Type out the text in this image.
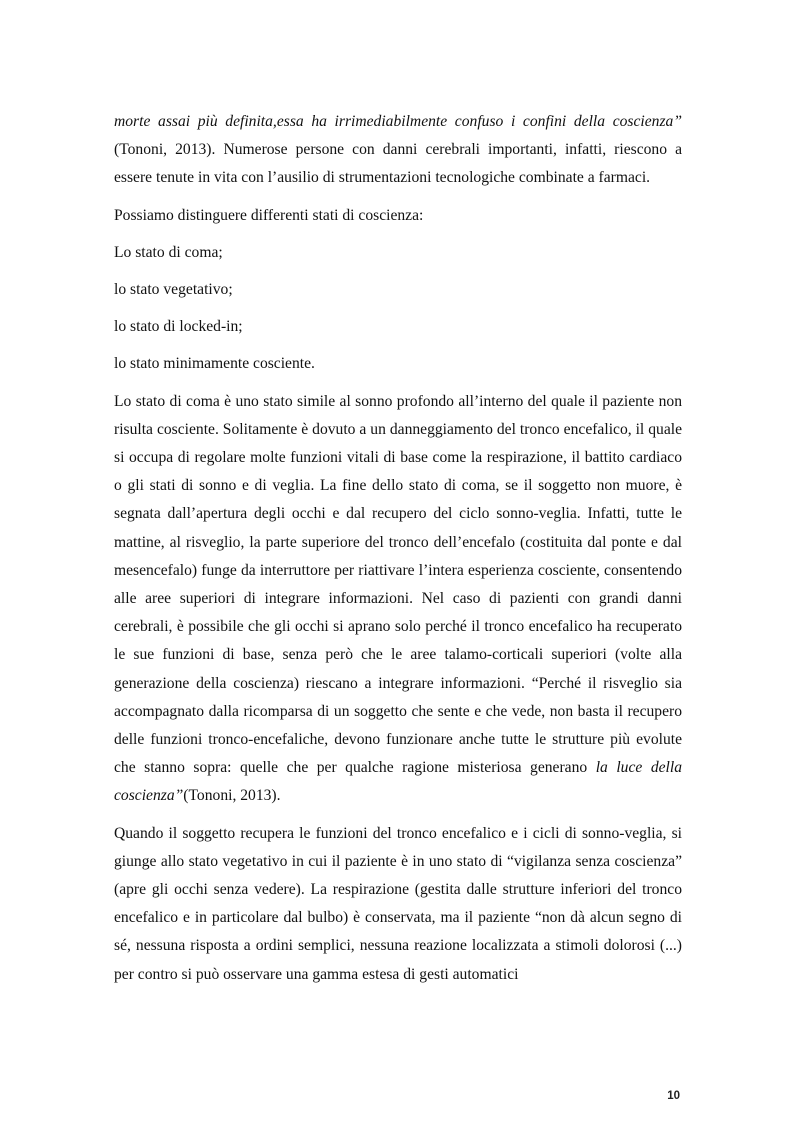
morte assai più definita,essa ha irrimediabilmente confuso i confini della coscienza” (Tononi, 2013). Numerose persone con danni cerebrali importanti, infatti, riescono a essere tenute in vita con l’ausilio di strumentazioni tecnologiche combinate a farmaci.

Possiamo distinguere differenti stati di coscienza:

Lo stato di coma;

lo stato vegetativo;

lo stato di locked-in;

lo stato minimamente cosciente.

Lo stato di coma è uno stato simile al sonno profondo all’interno del quale il paziente non risulta cosciente. Solitamente è dovuto a un danneggiamento del tronco encefalico, il quale si occupa di regolare molte funzioni vitali di base come la respirazione, il battito cardiaco o gli stati di sonno e di veglia. La fine dello stato di coma, se il soggetto non muore, è segnata dall’apertura degli occhi e dal recupero del ciclo sonno-veglia. Infatti, tutte le mattine, al risveglio, la parte superiore del tronco dell’encefalo (costituita dal ponte e dal mesencefalo) funge da interruttore per riattivare l’intera esperienza cosciente, consentendo alle aree superiori di integrare informazioni. Nel caso di pazienti con grandi danni cerebrali, è possibile che gli occhi si aprano solo perché il tronco encefalico ha recuperato le sue funzioni di base, senza però che le aree talamo-corticali superiori (volte alla generazione della coscienza) riescano a integrare informazioni. “Perché il risveglio sia accompagnato dalla ricomparsa di un soggetto che sente e che vede, non basta il recupero delle funzioni tronco-encefaliche, devono funzionare anche tutte le strutture più evolute che stanno sopra: quelle che per qualche ragione misteriosa generano la luce della coscienza”(Tononi, 2013).

Quando il soggetto recupera le funzioni del tronco encefalico e i cicli di sonno-veglia, si giunge allo stato vegetativo in cui il paziente è in uno stato di “vigilanza senza coscienza” (apre gli occhi senza vedere). La respirazione (gestita dalle strutture inferiori del tronco encefalico e in particolare dal bulbo) è conservata, ma il paziente “non dà alcun segno di sé, nessuna risposta a ordini semplici, nessuna reazione localizzata a stimoli dolorosi (...) per contro si può osservare una gamma estesa di gesti automatici

10
